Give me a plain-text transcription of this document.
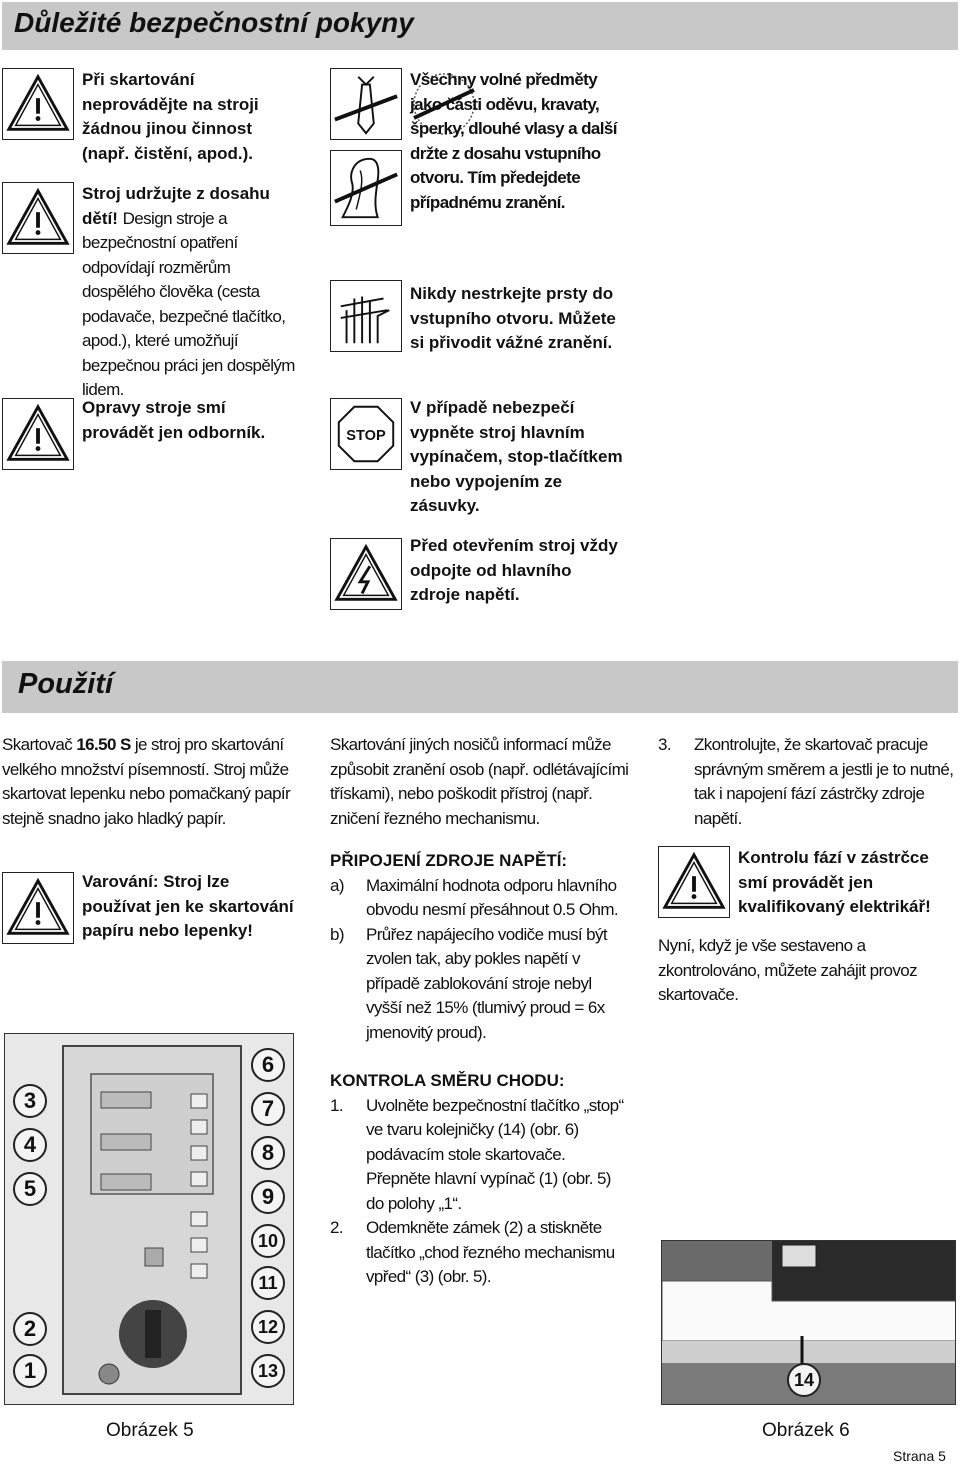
Důležité bezpečnostní pokyny
Při skartování neprovádějte na stroji žádnou jinou činnost (např. čistění, apod.).
Stroj udržujte z dosahu dětí! Design stroje a bezpečnostní opatření odpovídají rozměrům dospělého člověka (cesta podavače, bezpečné tlačítko, apod.), které umožňují bezpečnou práci jen dospělým lidem.
Opravy stroje smí provádět jen odborník.
Všechny volné předměty jako části oděvu, kravaty, šperky, dlouhé vlasy a další držte z dosahu vstupního otvoru. Tím předejdete případnému zranění.
Nikdy nestrkejte prsty do vstupního otvoru. Můžete si přivodit vážné zranění.
STOP
V případě nebezpečí vypněte stroj hlavním vypínačem, stop-tlačítkem nebo vypojením ze zásuvky.
Před otevřením stroj vždy odpojte od hlavního zdroje napětí.
Použití
Skartovač 16.50 S je stroj pro skartování velkého množství písemností. Stroj může skartovat lepenku nebo pomačkaný papír stejně snadno jako hladký papír.
Varování: Stroj lze používat jen ke skartování papíru nebo lepenky!
3
4
5
2
1
6
7
8
9
10
11
12
13
Obrázek 5

Skartování jiných nosičů informací může způsobit zranění osob (např. odlétávajícími třískami), nebo poškodit přístroj (např. zničení řezného mechanismu.

PŘIPOJENÍ ZDROJE NAPĚTÍ:

a)	Maximální hodnota odporu hlavního obvodu nesmí přesáhnout 0.5 Ohm.
b)	Průřez napájecího vodiče musí být zvolen tak, aby pokles napětí v případě zablokování stroje nebyl vyšší než 15% (tlumivý proud = 6x jmenovitý proud).

KONTROLA SMĚRU CHODU:

1.	Uvolněte bezpečnostní tlačítko „stop“ ve tvaru kolejničky (14) (obr. 6) podávacím stole skartovače. Přepněte hlavní vypínač (1) (obr. 5) do polohy „1“.
2.	Odemkněte zámek (2) a stiskněte tlačítko „chod řezného mechanismu vpřed“ (3) (obr. 5).
3.	Zkontrolujte, že skartovač pracuje správným směrem a jestli je to nutné, tak i napojení fází zástrčky zdroje napětí.
Kontrolu fází v zástrčce smí provádět jen kvalifikovaný elektrikář!
Nyní, když je vše sestaveno a zkontrolováno, můžete zahájit provoz skartovače.
14
Obrázek 6
Strana 5
